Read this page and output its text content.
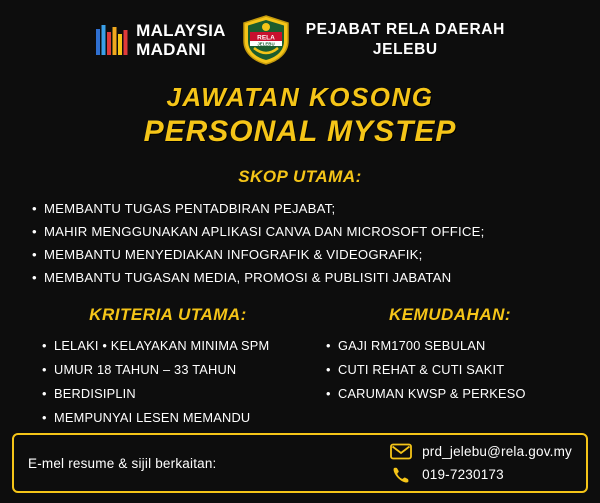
MALAYSIA
MADANI
RELA
JELEBU
PEJABAT RELA DAERAH
JELEBU
JAWATAN KOSONG
PERSONAL MYSTEP
SKOP UTAMA:
• MEMBANTU TUGAS PENTADBIRAN PEJABAT;
• MAHIR MENGGUNAKAN APLIKASI CANVA DAN MICROSOFT OFFICE;
• MEMBANTU MENYEDIAKAN INFOGRAFIK & VIDEOGRAFIK;
• MEMBANTU TUGASAN MEDIA, PROMOSI & PUBLISITI JABATAN
KRITERIA UTAMA:
• LELAKI • KELAYAKAN MINIMA SPM
• UMUR 18 TAHUN – 33 TAHUN
• BERDISIPLIN
• MEMPUNYAI LESEN MEMANDU
KEMUDAHAN:
• GAJI RM1700 SEBULAN
• CUTI REHAT & CUTI SAKIT
• CARUMAN KWSP & PERKESO
E-mel resume & sijil berkaitan:
prd_jelebu@rela.gov.my
019-7230173
